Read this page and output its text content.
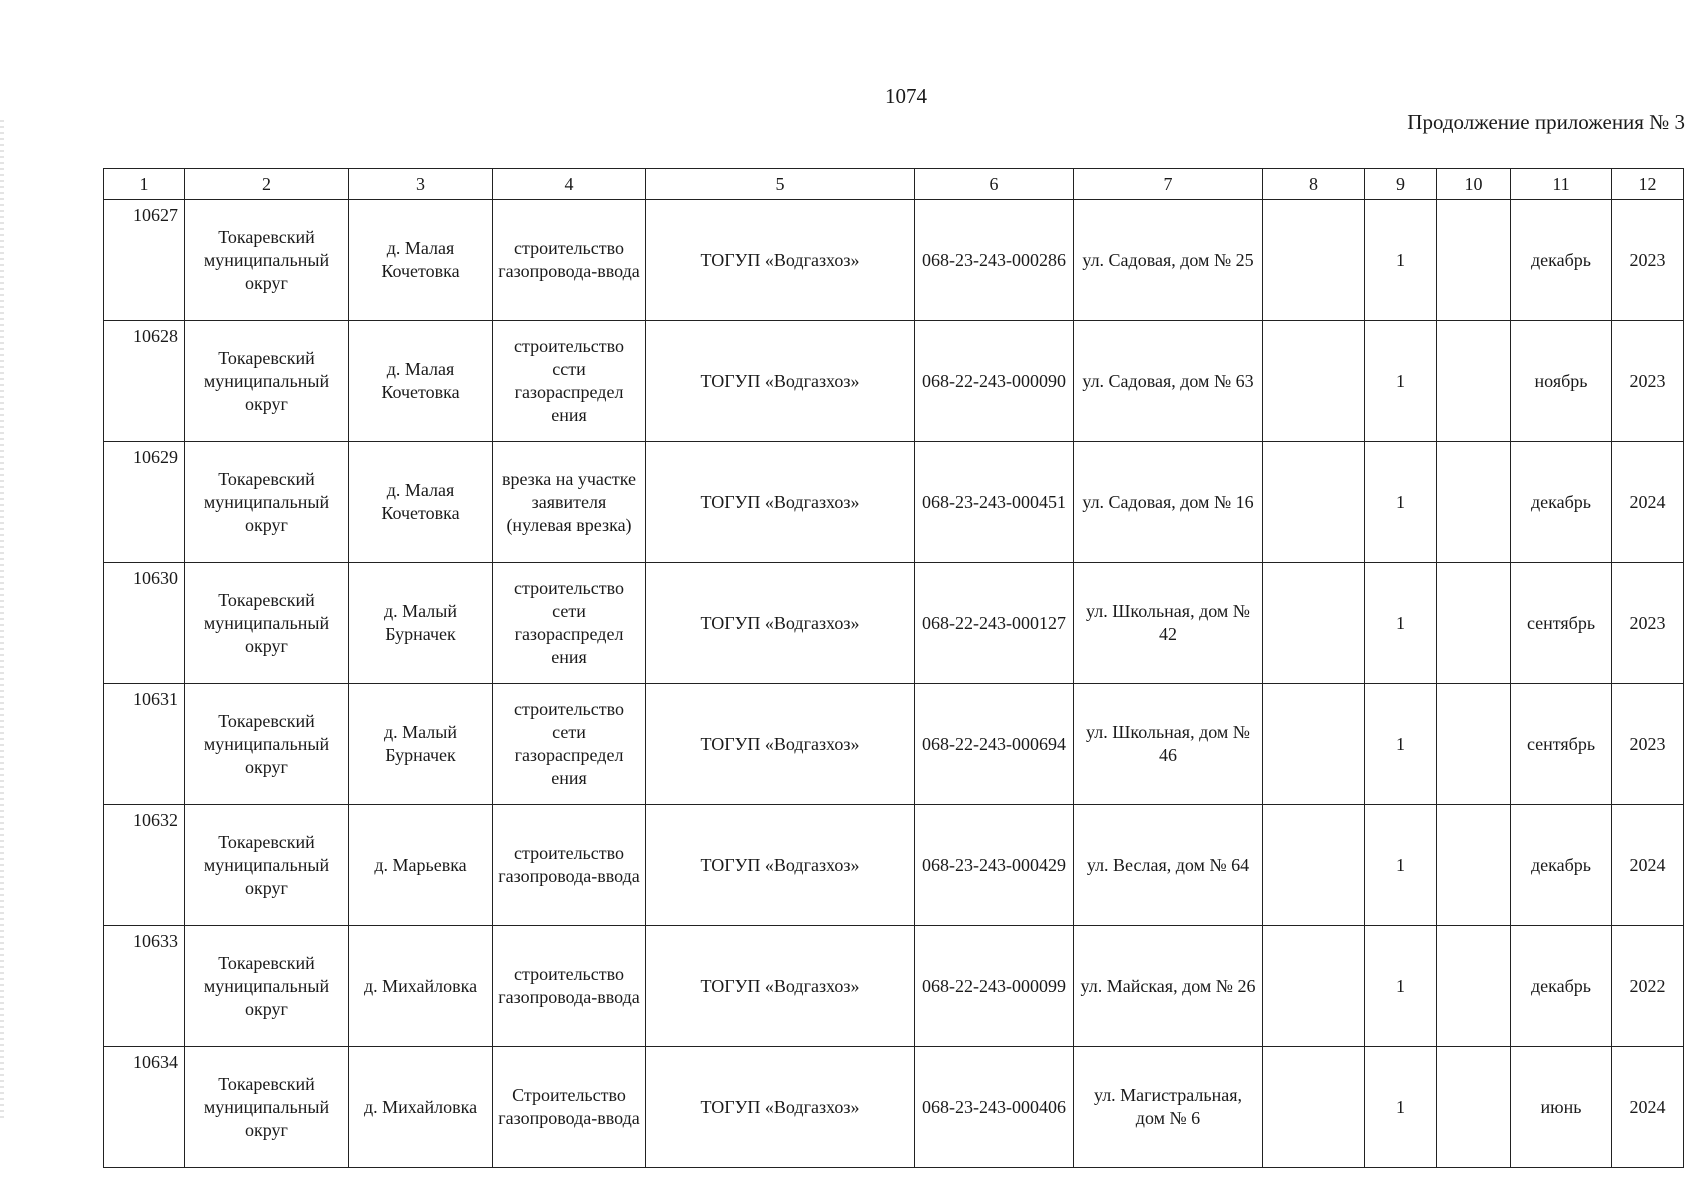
1074
Продолжение приложения № 3
1	2	3	4	5	6	7	8	9	10	11	12
10627	Токаревский муниципальный округ	д. Малая Кочетовка	строительство газопровода-ввода	ТОГУП «Водгазхоз»	068-23-243-000286	ул. Садовая, дом № 25		1		декабрь	2023
10628	Токаревский муниципальный округ	д. Малая Кочетовка	строительство ссти газораспредел ения	ТОГУП «Водгазхоз»	068-22-243-000090	ул. Садовая, дом № 63		1		ноябрь	2023
10629	Токаревский муниципальный округ	д. Малая Кочетовка	врезка на участке заявителя (нулевая врезка)	ТОГУП «Водгазхоз»	068-23-243-000451	ул. Садовая, дом № 16		1		декабрь	2024
10630	Токаревский муниципальный округ	д. Малый Бурначек	строительство сети газораспредел ения	ТОГУП «Водгазхоз»	068-22-243-000127	ул. Школьная, дом № 42		1		сентябрь	2023
10631	Токаревский муниципальный округ	д. Малый Бурначек	строительство сети газораспредел ения	ТОГУП «Водгазхоз»	068-22-243-000694	ул. Школьная, дом № 46		1		сентябрь	2023
10632	Токаревский муниципальный округ	д. Марьевка	строительство газопровода-ввода	ТОГУП «Водгазхоз»	068-23-243-000429	ул. Веслая, дом № 64		1		декабрь	2024
10633	Токаревский муниципальный округ	д. Михайловка	строительство газопровода-ввода	ТОГУП «Водгазхоз»	068-22-243-000099	ул. Майская, дом № 26		1		декабрь	2022
10634	Токаревский муниципальный округ	д. Михайловка	Строительство газопровода-ввода	ТОГУП «Водгазхоз»	068-23-243-000406	ул. Магистральная, дом № 6		1		июнь	2024
